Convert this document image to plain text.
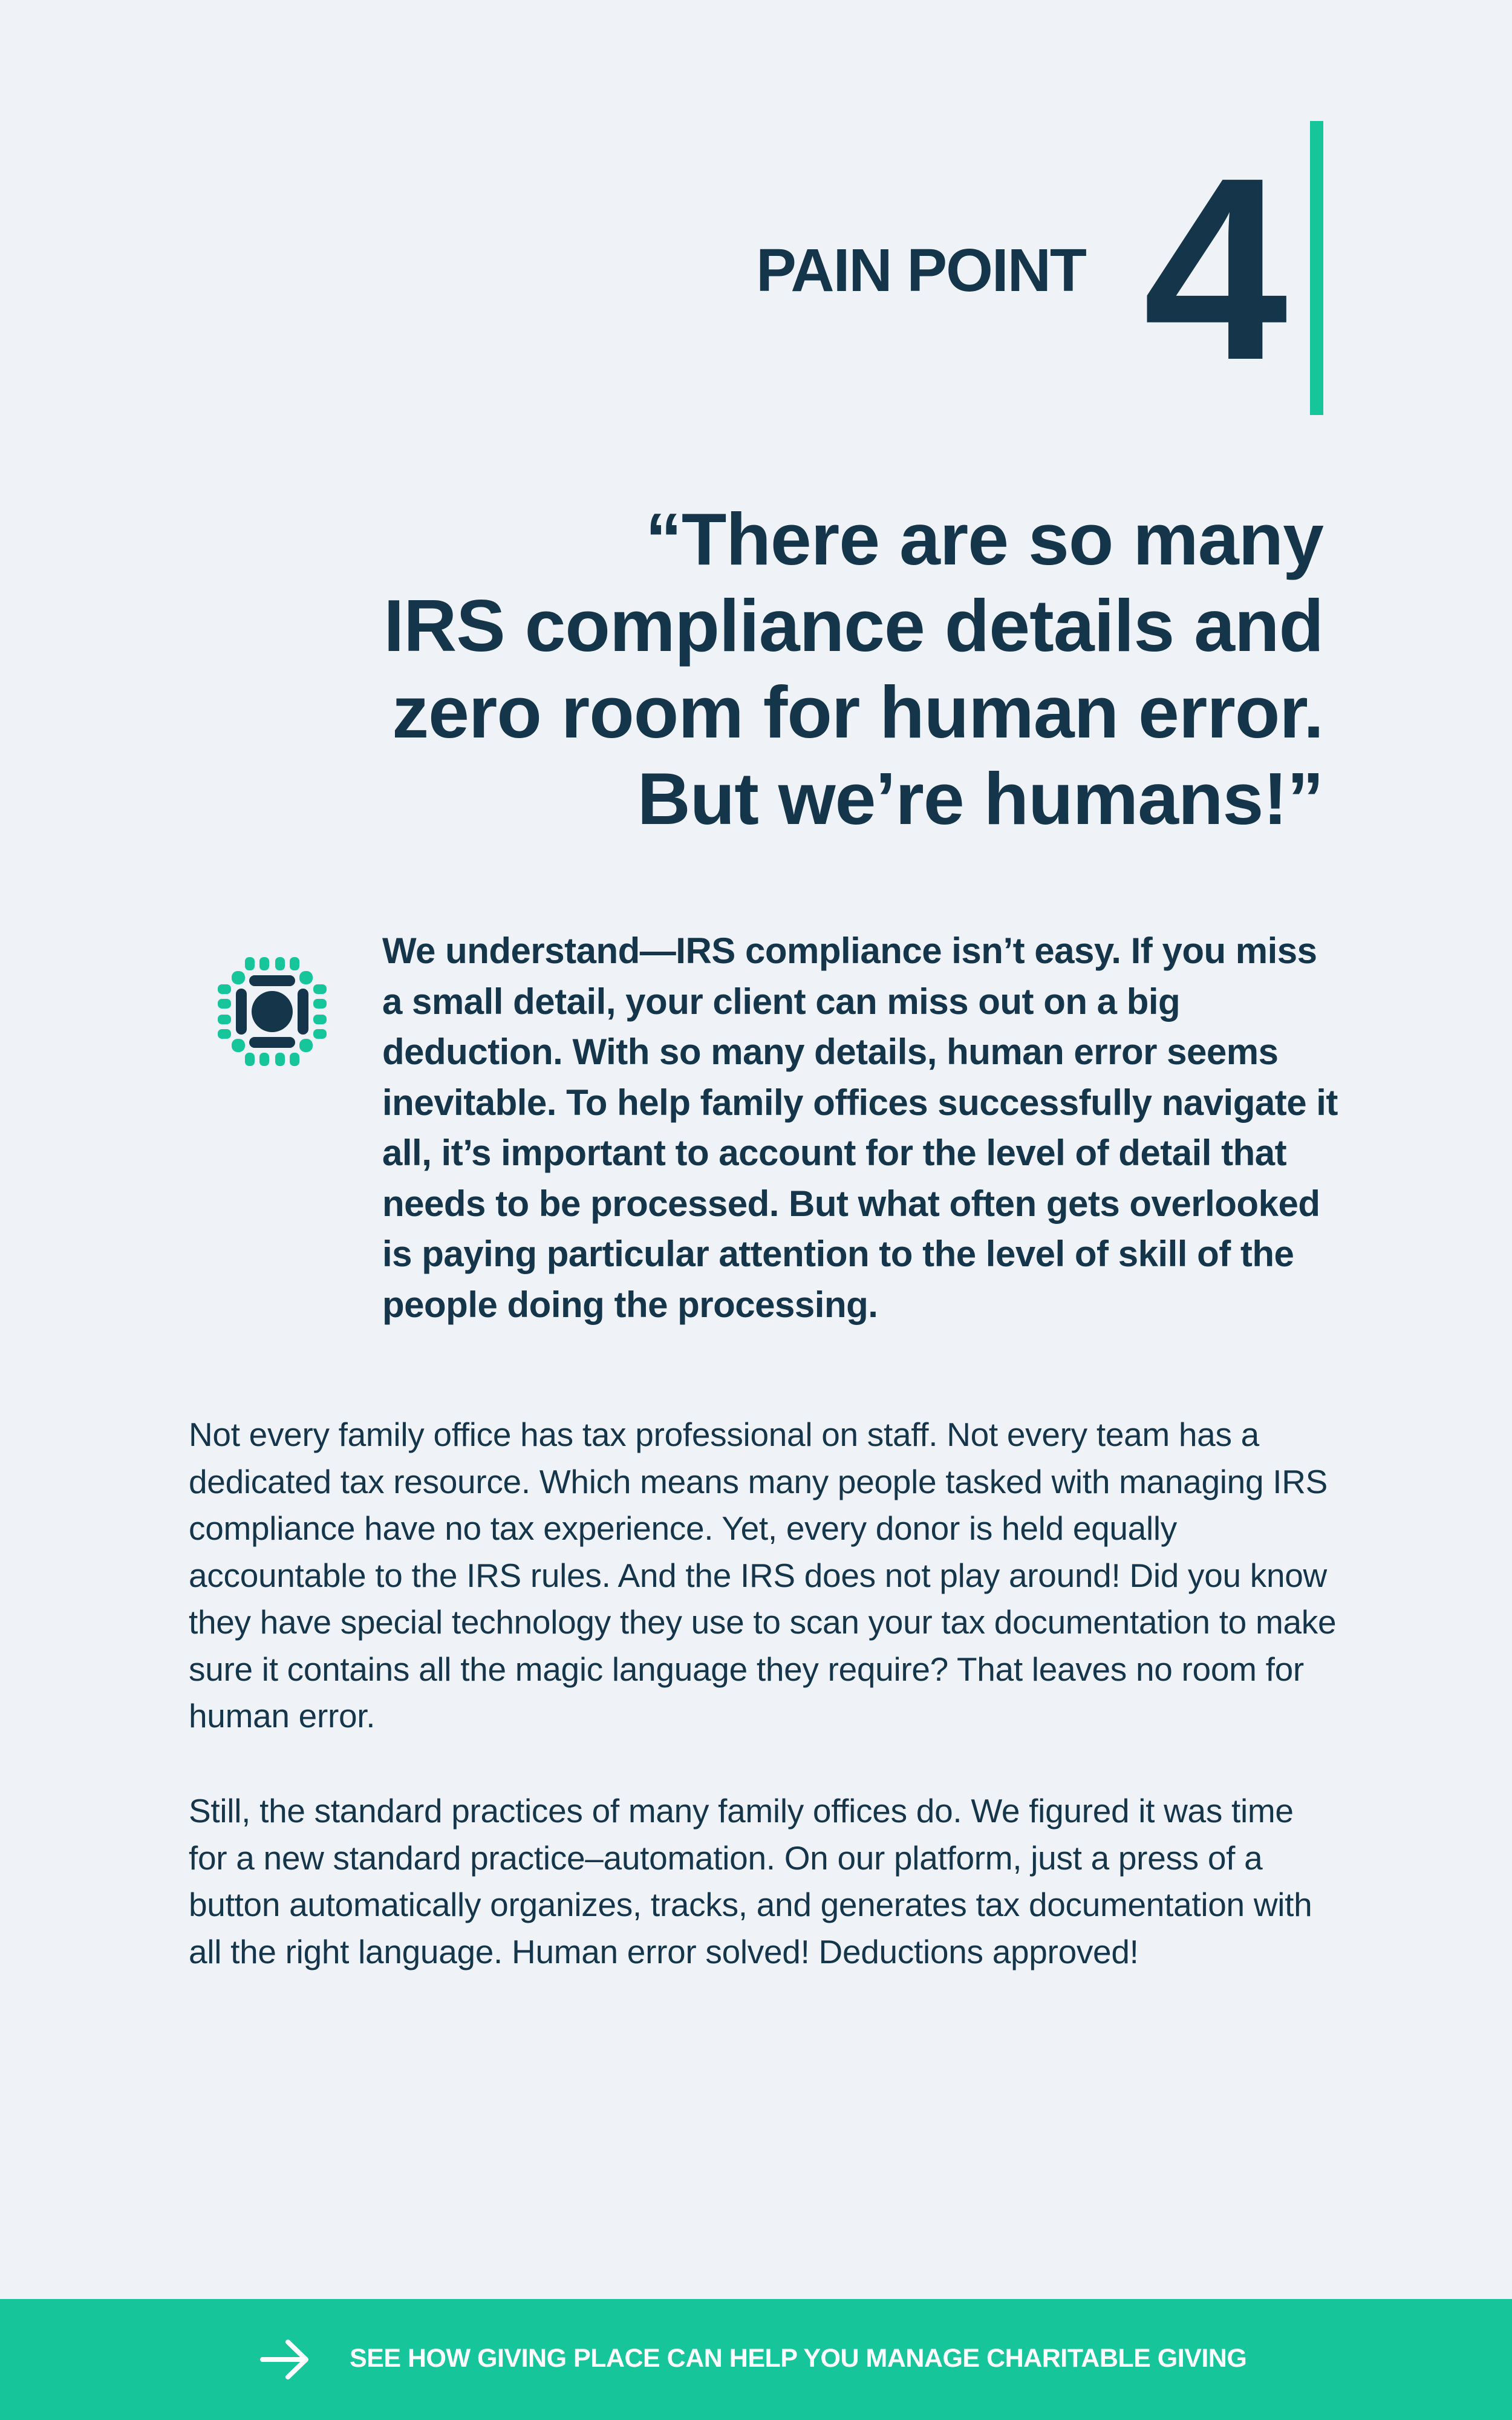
PAIN POINT 4
“There are so many
IRS compliance details and
zero room for human error.
But we’re humans!”
We understand—IRS compliance isn’t easy. If you miss a small detail, your client can miss out on a big deduction. With so many details, human error seems inevitable. To help family offices successfully navigate it all, it’s important to account for the level of detail that needs to be processed. But what often gets overlooked is paying particular attention to the level of skill of the people doing the processing.
Not every family office has tax professional on staff. Not every team has a dedicated tax resource. Which means many people tasked with managing IRS compliance have no tax experience. Yet, every donor is held equally accountable to the IRS rules. And the IRS does not play around! Did you know they have special technology they use to scan your tax documentation to make sure it contains all the magic language they require? That leaves no room for human error.
Still, the standard practices of many family offices do. We figured it was time for a new standard practice–automation. On our platform, just a press of a button automatically organizes, tracks, and generates tax documentation with all the right language. Human error solved! Deductions approved!
SEE HOW GIVING PLACE CAN HELP YOU MANAGE CHARITABLE GIVING
